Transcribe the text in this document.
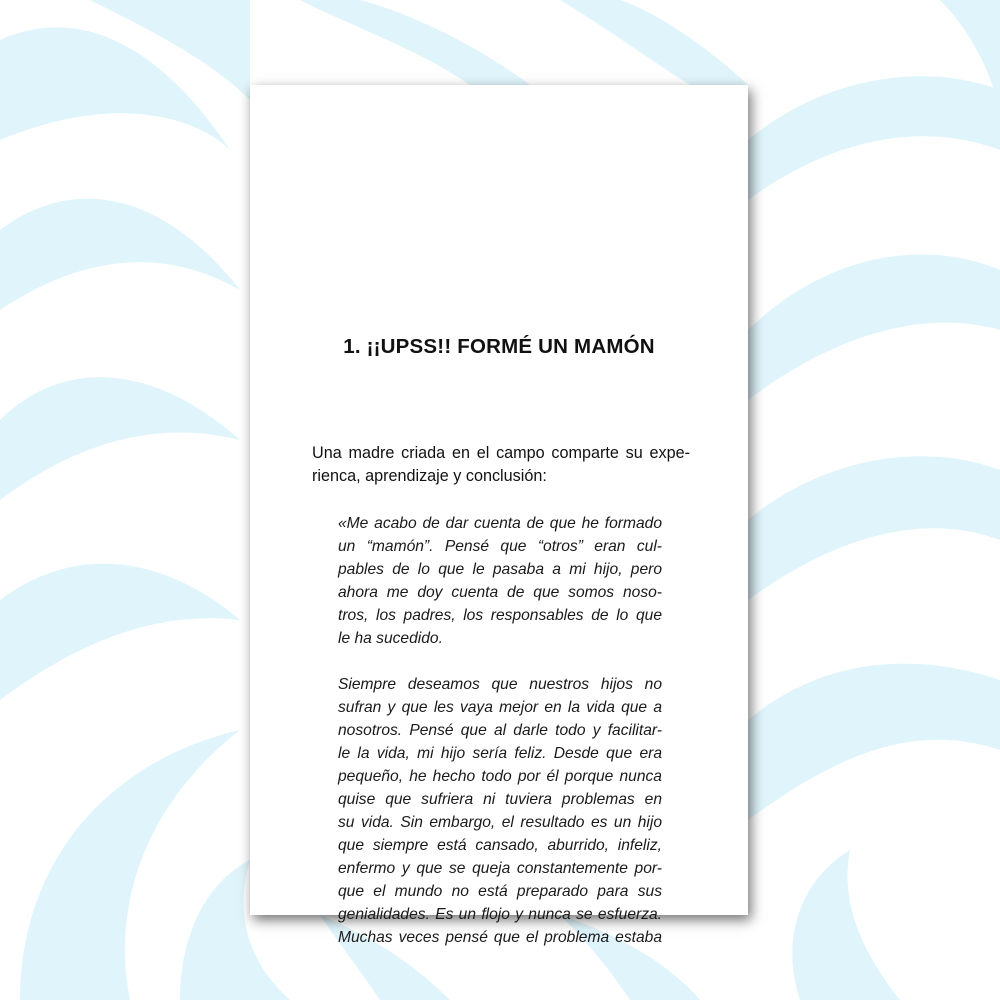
1. ¡¡UPSS!! FORMÉ UN MAMÓN

Una madre criada en el campo comparte su expe-
rienca, aprendizaje y conclusión:

«Me acabo de dar cuenta de que he formado
un “mamón”. Pensé que “otros” eran cul-
pables de lo que le pasaba a mi hijo, pero
ahora me doy cuenta de que somos noso-
tros, los padres, los responsables de lo que
le ha sucedido.

Siempre deseamos que nuestros hijos no
sufran y que les vaya mejor en la vida que a
nosotros. Pensé que al darle todo y facilitar-
le la vida, mi hijo sería feliz. Desde que era
pequeño, he hecho todo por él porque nunca
quise que sufriera ni tuviera problemas en
su vida. Sin embargo, el resultado es un hijo
que siempre está cansado, aburrido, infeliz,
enfermo y que se queja constantemente por-
que el mundo no está preparado para sus
genialidades. Es un flojo y nunca se esfuerza.
Muchas veces pensé que el problema estaba
